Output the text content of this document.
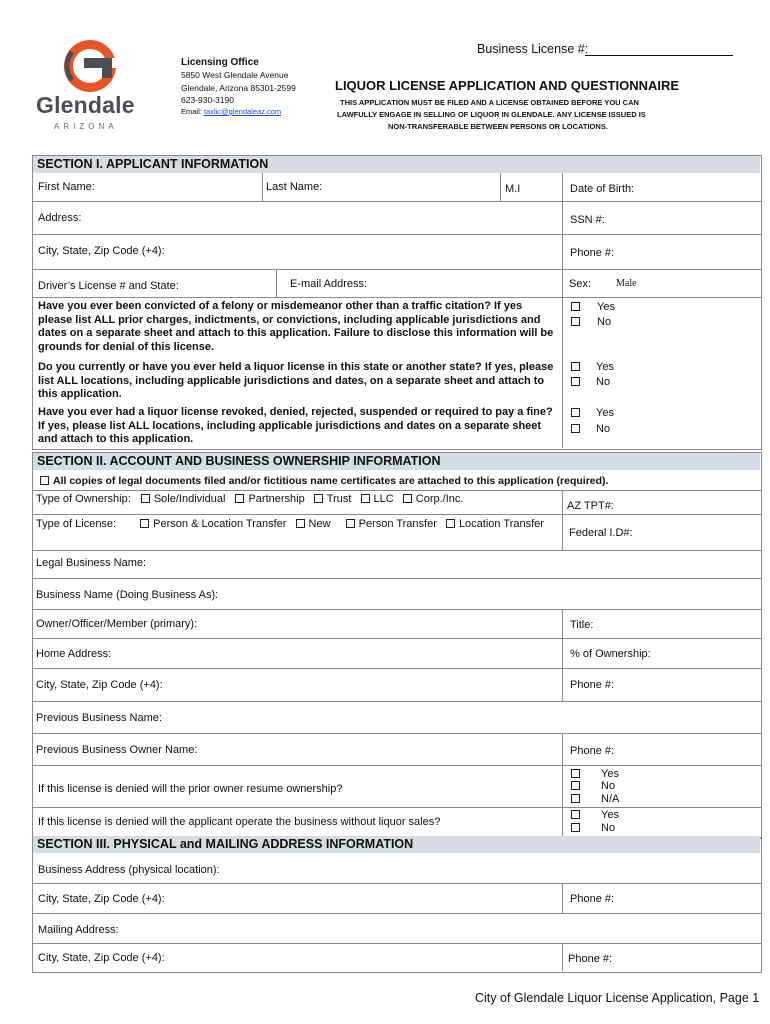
Business License #:
Glendale
ARIZONA
Licensing Office
5850 West Glendale Avenue
Glendale, Arizona 85301-2599
623-930-3190
Email: taxlic@glendaleaz.com
LIQUOR LICENSE APPLICATION AND QUESTIONNAIRE
THIS APPLICATION MUST BE FILED AND A LICENSE OBTAINED BEFORE YOU CAN
LAWFULLY ENGAGE IN SELLING OF LIQUOR IN GLENDALE. ANY LICENSE ISSUED IS
NON-TRANSFERABLE BETWEEN PERSONS OR LOCATIONS.
SECTION I. APPLICANT INFORMATION
First Name:	Last Name:	M.I	Date of Birth:
Address:	SSN #:
City, State, Zip Code (+4):	Phone #:
Driver’s License # and State:	E-mail Address:	Sex: Male
Have you ever been convicted of a felony or misdemeanor other than a traffic citation? If yes please list ALL prior charges, indictments, or convictions, including applicable jurisdictions and dates on a separate sheet and attach to this application. Failure to disclose this information will be grounds for denial of this license.
Yes
No
Do you currently or have you ever held a liquor license in this state or another state? If yes, please list ALL locations, including applicable jurisdictions and dates, on a separate sheet and attach to this application.
Yes
No
Have you ever had a liquor license revoked, denied, rejected, suspended or required to pay a fine? If yes, please list ALL locations, including applicable jurisdictions and dates on a separate sheet and attach to this application.
Yes
No
SECTION II. ACCOUNT AND BUSINESS OWNERSHIP INFORMATION
All copies of legal documents filed and/or fictitious name certificates are attached to this application (required).
Type of Ownership: Sole/Individual Partnership Trust LLC Corp./Inc.
AZ TPT#:
Type of License:	Person & Location Transfer New	Person Transfer Location Transfer
Federal I.D#:
Legal Business Name:
Business Name (Doing Business As):
Owner/Officer/Member (primary):	Title:
Home Address:	% of Ownership:
City, State, Zip Code (+4):	Phone #:
Previous Business Name:
Previous Business Owner Name:	Phone #:
If this license is denied will the prior owner resume ownership?
Yes
No
N/A
If this license is denied will the applicant operate the business without liquor sales?
Yes
No
SECTION III. PHYSICAL and MAILING ADDRESS INFORMATION
Business Address (physical location):
City, State, Zip Code (+4):	Phone #:
Mailing Address:
City, State, Zip Code (+4):	Phone #:
City of Glendale Liquor License Application, Page 1
